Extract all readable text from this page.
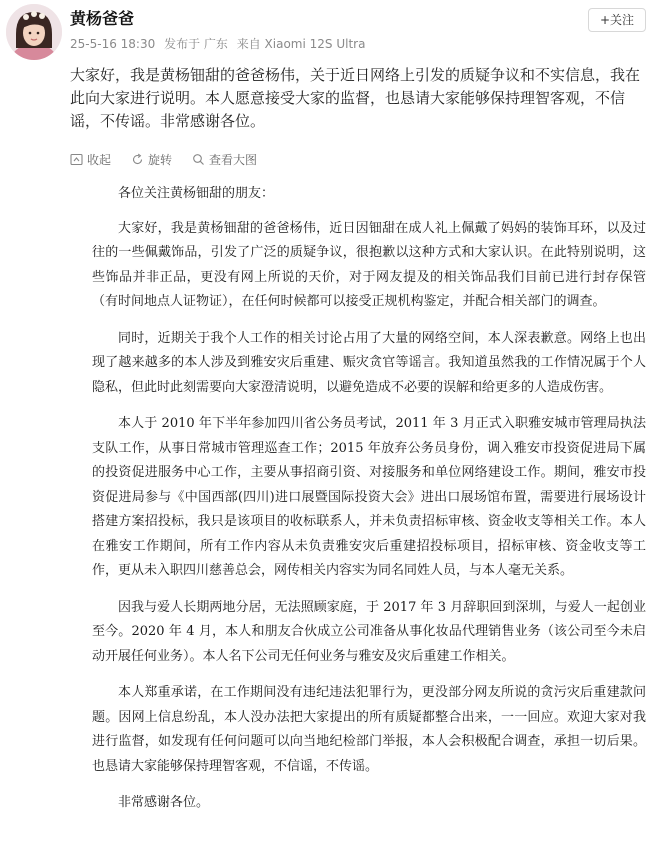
黄杨爸爸
25-5-16 18:30 发布于 广东 来自 Xiaomi 12S Ultra
+关注
大家好，我是黄杨钿甜的爸爸杨伟，关于近日网络上引发的质疑争议和不实信息，我在此向大家进行说明。本人愿意接受大家的监督，也恳请大家能够保持理智客观，不信谣，不传谣。非常感谢各位。
收起	旋转	查看大图

各位关注黄杨钿甜的朋友：

大家好，我是黄杨钿甜的爸爸杨伟，近日因钿甜在成人礼上佩戴了妈妈的装饰耳环，以及过往的一些佩戴饰品，引发了广泛的质疑争议，很抱歉以这种方式和大家认识。在此特别说明，这些饰品并非正品，更没有网上所说的天价，对于网友提及的相关饰品我们目前已进行封存保管（有时间地点人证物证），在任何时候都可以接受正规机构鉴定，并配合相关部门的调查。

同时，近期关于我个人工作的相关讨论占用了大量的网络空间，本人深表歉意。网络上也出现了越来越多的本人涉及到雅安灾后重建、赈灾贪官等谣言。我知道虽然我的工作情况属于个人隐私，但此时此刻需要向大家澄清说明，以避免造成不必要的误解和给更多的人造成伤害。

本人于 2010 年下半年参加四川省公务员考试，2011 年 3 月正式入职雅安城市管理局执法支队工作，从事日常城市管理巡查工作；2015 年放弃公务员身份，调入雅安市投资促进局下属的投资促进服务中心工作，主要从事招商引资、对接服务和单位网络建设工作。期间，雅安市投资促进局参与《中国西部(四川)进口展暨国际投资大会》进出口展场馆布置，需要进行展场设计搭建方案招投标，我只是该项目的收标联系人，并未负责招标审核、资金收支等相关工作。本人在雅安工作期间，所有工作内容从未负责雅安灾后重建招投标项目，招标审核、资金收支等工作，更从未入职四川慈善总会，网传相关内容实为同名同姓人员，与本人毫无关系。

因我与爱人长期两地分居，无法照顾家庭，于 2017 年 3 月辞职回到深圳，与爱人一起创业至今。2020 年 4 月，本人和朋友合伙成立公司准备从事化妆品代理销售业务（该公司至今未启动开展任何业务）。本人名下公司无任何业务与雅安及灾后重建工作相关。

本人郑重承诺，在工作期间没有违纪违法犯罪行为，更没部分网友所说的贪污灾后重建款问题。因网上信息纷乱，本人没办法把大家提出的所有质疑都整合出来，一一回应。欢迎大家对我进行监督，如发现有任何问题可以向当地纪检部门举报，本人会积极配合调查，承担一切后果。也恳请大家能够保持理智客观，不信谣，不传谣。

非常感谢各位。
